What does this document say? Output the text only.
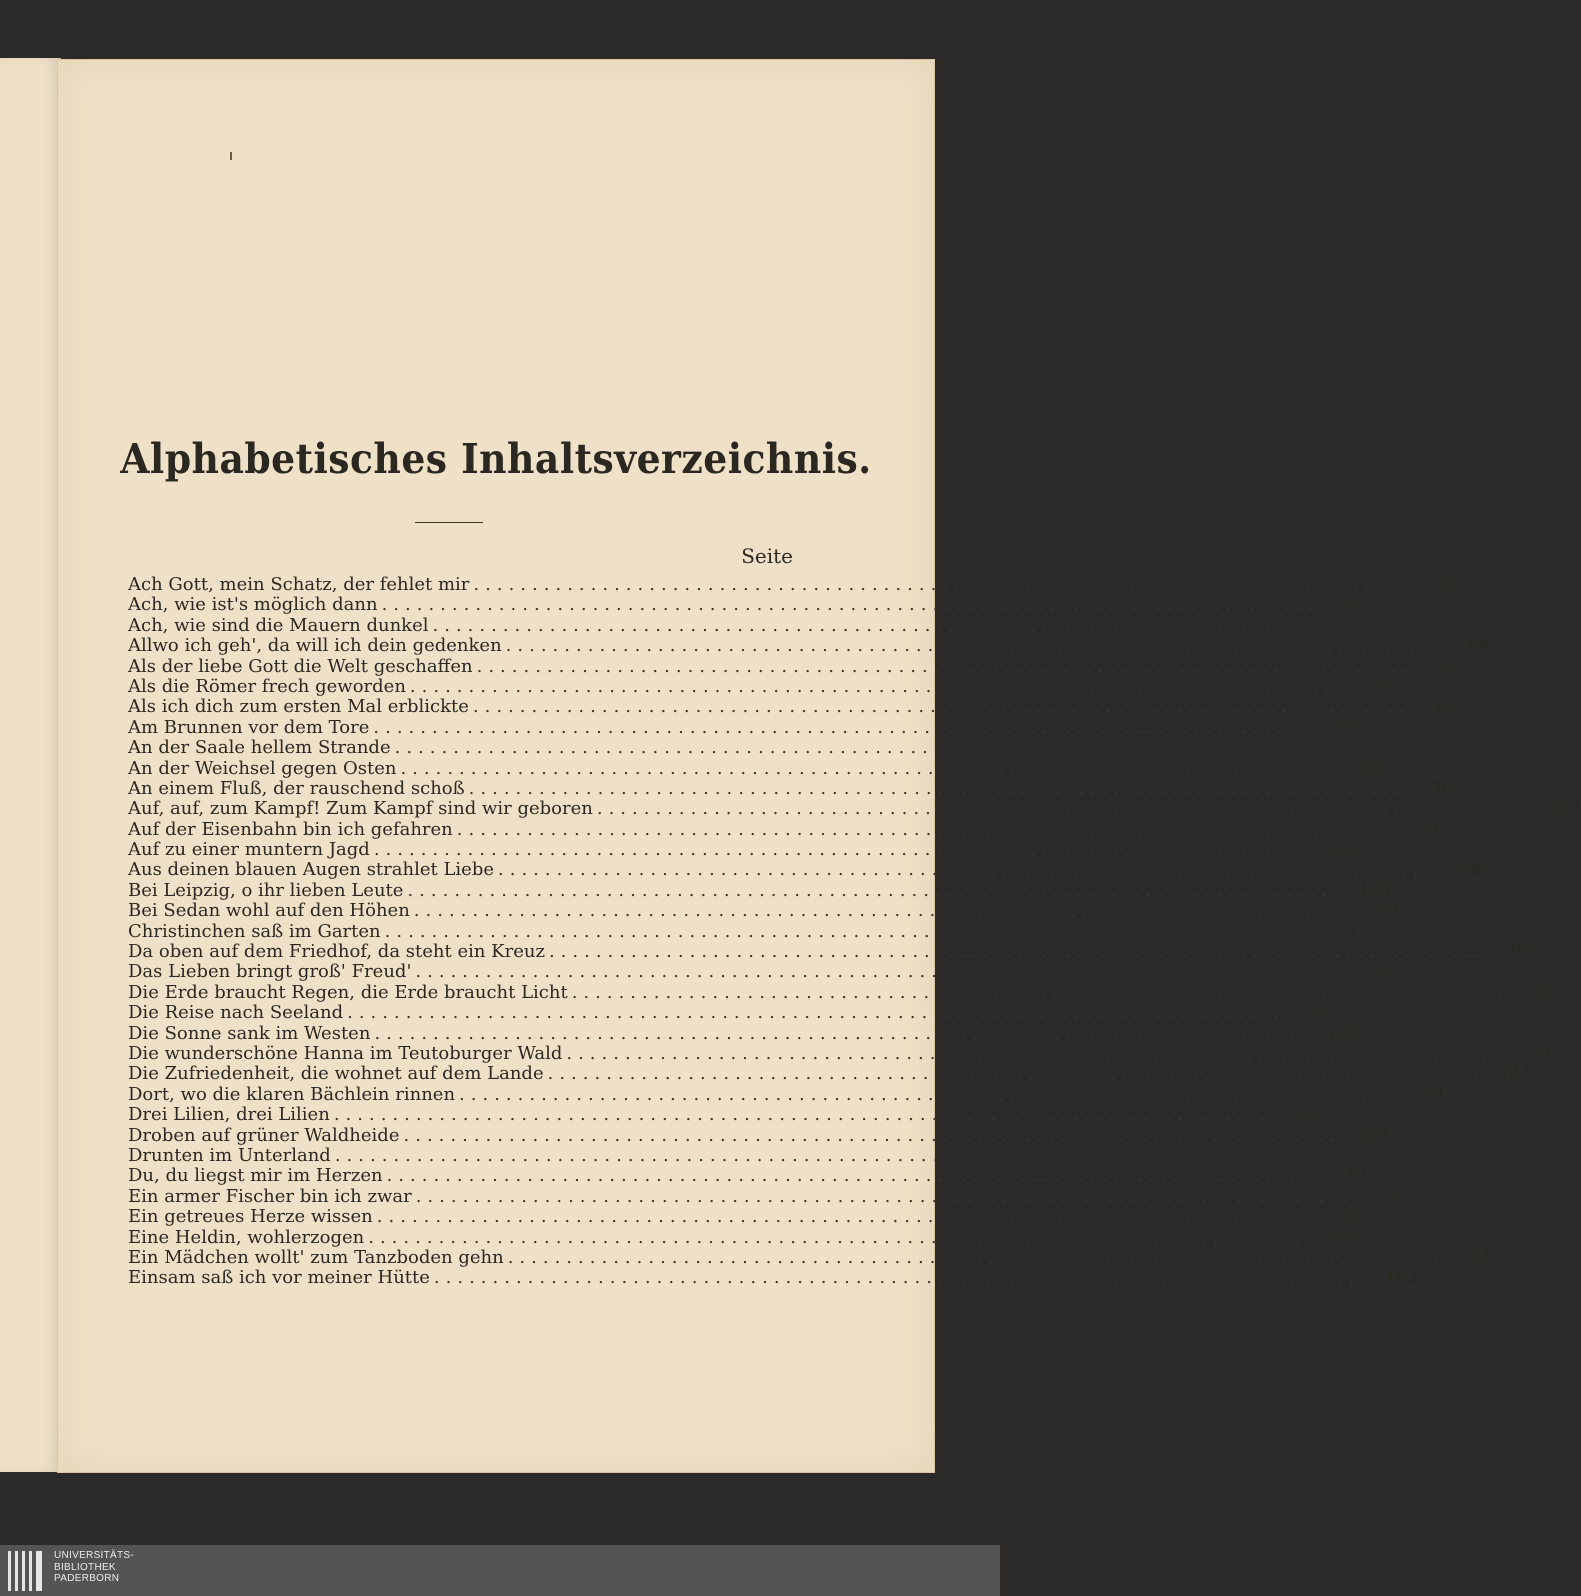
Alphabetisches Inhaltsverzeichnis.
Seite
Ach Gott, mein Schatz, der fehlet mir ................................................................................	92
Ach, wie ist's möglich dann ................................................................................	60
Ach, wie sind die Mauern dunkel ................................................................................	77
Allwo ich geh', da will ich dein gedenken ................................................................................	64
Als der liebe Gott die Welt geschaffen ................................................................................ 137
Als die Römer frech geworden ................................................................................	17
Als ich dich zum ersten Mal erblickte ................................................................................	83
Am Brunnen vor dem Tore ................................................................................	76
An der Saale hellem Strande ................................................................................	73
An der Weichsel gegen Osten ................................................................................	86
An einem Fluß, der rauschend schoß ................................................................................	36
Auf, auf, zum Kampf! Zum Kampf sind wir geboren ................................................................................ 123
Auf der Eisenbahn bin ich gefahren ................................................................................	74
Auf zu einer muntern Jagd ................................................................................ 119
Aus deinen blauen Augen strahlet Liebe ................................................................................	68
Bei Leipzig, o ihr lieben Leute ................................................................................ 130
Bei Sedan wohl auf den Höhen ................................................................................	99
Christinchen saß im Garten ................................................................................	42
Da oben auf dem Friedhof, da steht ein Kreuz ................................................................................	98
Das Lieben bringt groß' Freud' ................................................................................	83
Die Erde braucht Regen, die Erde braucht Licht ................................................................................	66
Die Reise nach Seeland ................................................................................	91
Die Sonne sank im Westen ................................................................................ 100
Die wunderschöne Hanna im Teutoburger Wald ................................................................................	29
Die Zufriedenheit, die wohnet auf dem Lande ................................................................................ 144
Dort, wo die klaren Bächlein rinnen ................................................................................	69
Drei Lilien, drei Lilien ................................................................................	68
Droben auf grüner Waldheide ................................................................................ 139
Drunten im Unterland ................................................................................	75
Du, du liegst mir im Herzen ................................................................................	61
Ein armer Fischer bin ich zwar ................................................................................	74
Ein getreues Herze wissen ................................................................................	65
Eine Heldin, wohlerzogen ................................................................................	54
Ein Mädchen wollt' zum Tanzboden gehn ................................................................................	94
Einsam saß ich vor meiner Hütte ................................................................................ 103
UNIVERSITÄTS-
BIBLIOTHEK
PADERBORN
